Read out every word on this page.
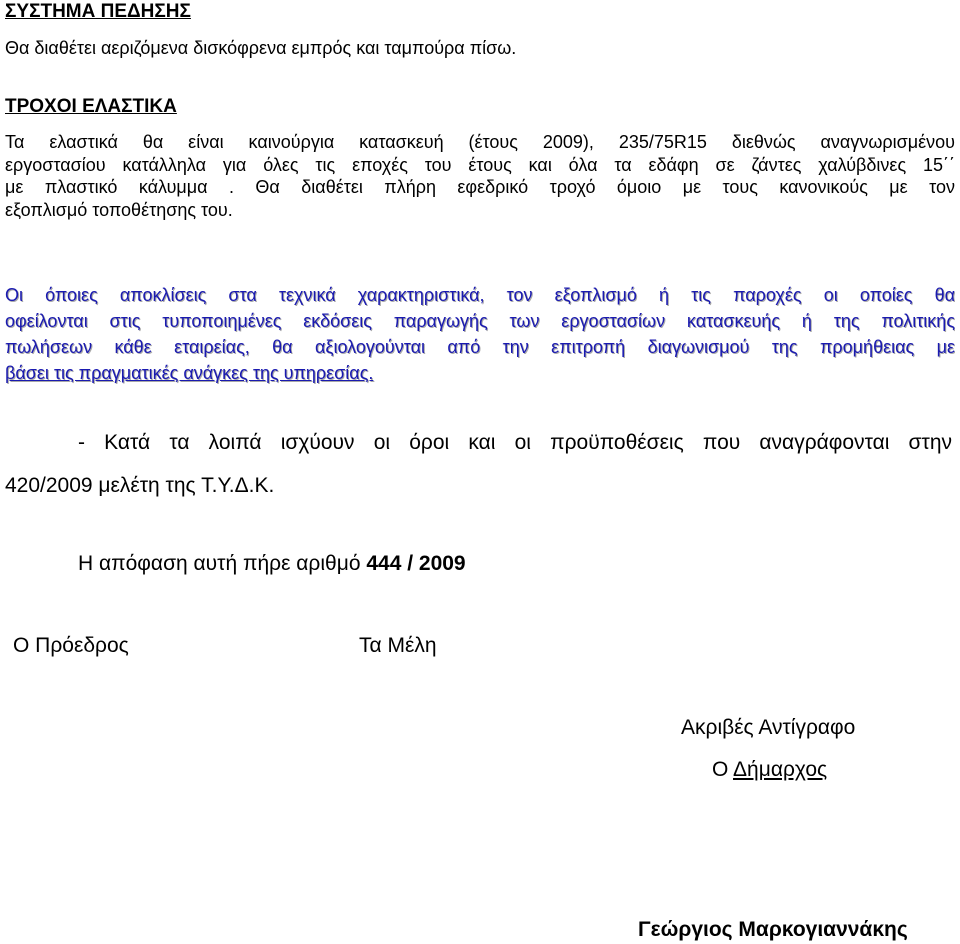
ΣΥΣΤΗΜΑ ΠΕΔΗΣΗΣ
Θα διαθέτει αεριζόμενα δισκόφρενα εμπρός και ταμπούρα πίσω.
ΤΡΟΧΟΙ ΕΛΑΣΤΙΚΑ
Τα ελαστικά θα είναι καινούργια κατασκευή (έτους 2009), 235/75R15 διεθνώς αναγνωρισμένου
εργοστασίου κατάλληλα για όλες τις εποχές του έτους και όλα τα εδάφη σε ζάντες χαλύβδινες 15΄΄
με πλαστικό κάλυμμα . Θα διαθέτει πλήρη εφεδρικό τροχό όμοιο με τους κανονικούς με τον
εξοπλισμό τοποθέτησης του.
Οι όποιες αποκλίσεις στα τεχνικά χαρακτηριστικά, τον εξοπλισμό ή τις παροχές οι οποίες θα
οφείλονται στις τυποποιημένες εκδόσεις παραγωγής των εργοστασίων κατασκευής ή της πολιτικής
πωλήσεων κάθε εταιρείας, θα αξιολογούνται από την επιτροπή διαγωνισμού της προμήθειας με
βάσει τις πραγματικές ανάγκες της υπηρεσίας.
- Κατά τα λοιπά ισχύουν οι όροι και οι προϋποθέσεις που αναγράφονται στην
420/2009 μελέτη της Τ.Υ.Δ.Κ.
Η απόφαση αυτή πήρε αριθμό 444 / 2009
Ο Πρόεδρος	Τα Μέλη
Ακριβές Αντίγραφο
Ο Δήμαρχος
Γεώργιος Μαρκογιαννάκης
